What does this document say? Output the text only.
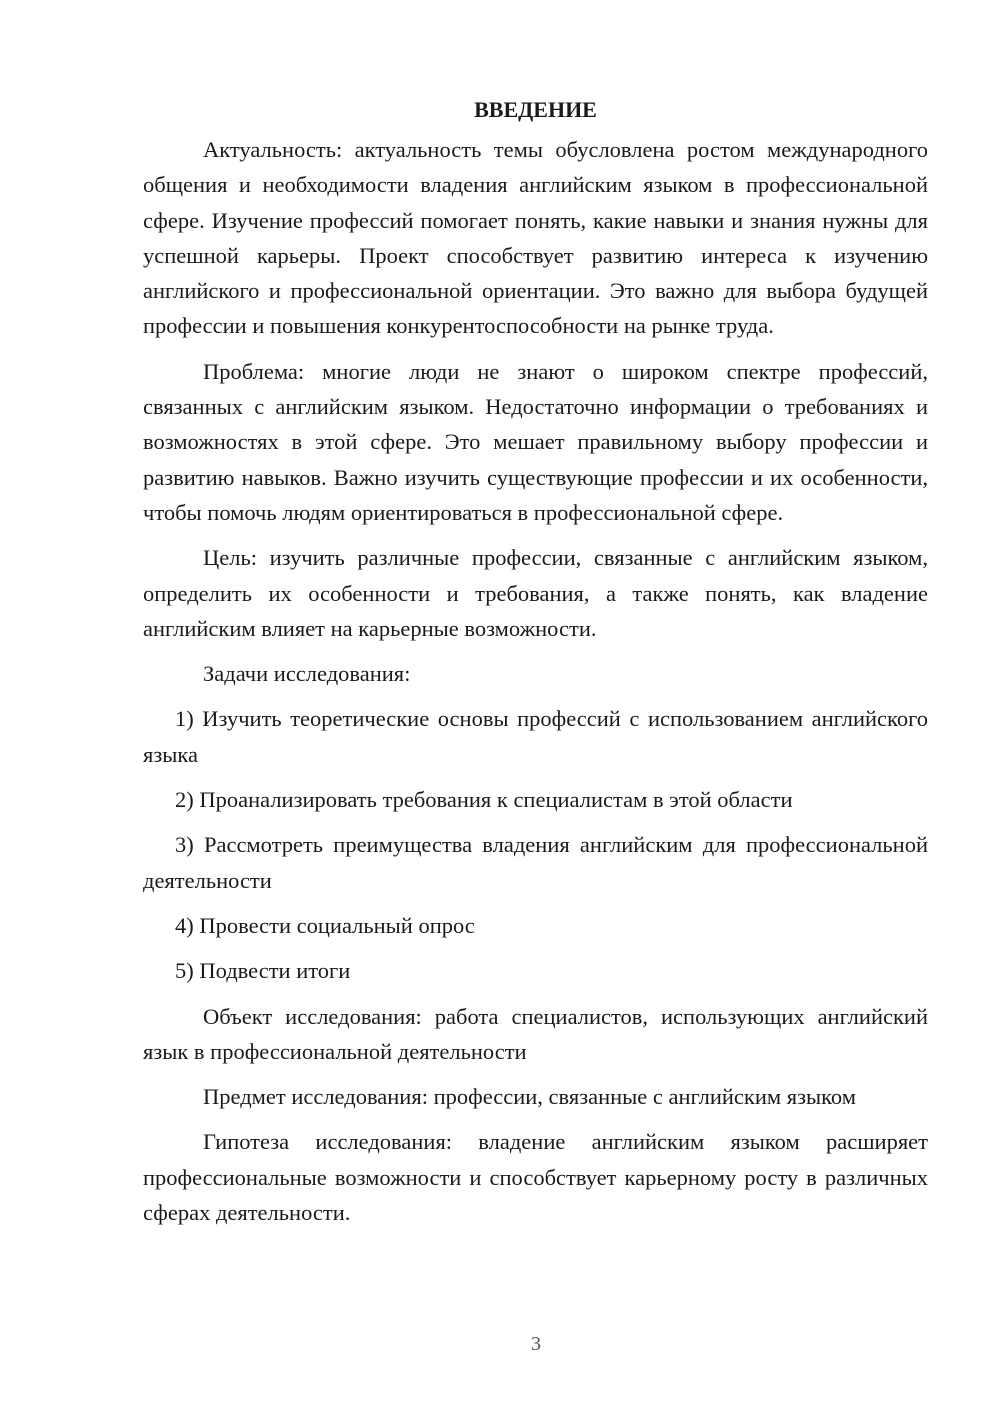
ВВЕДЕНИЕ

Актуальность: актуальность темы обусловлена ростом международного общения и необходимости владения английским языком в профессиональной сфере. Изучение профессий помогает понять, какие навыки и знания нужны для успешной карьеры. Проект способствует развитию интереса к изучению английского и профессиональной ориентации. Это важно для выбора будущей профессии и повышения конкурентоспособности на рынке труда.

Проблема: многие люди не знают о широком спектре профессий, связанных с английским языком. Недостаточно информации о требованиях и возможностях в этой сфере. Это мешает правильному выбору профессии и развитию навыков. Важно изучить существующие профессии и их особенности, чтобы помочь людям ориентироваться в профессиональной сфере.

Цель: изучить различные профессии, связанные с английским языком, определить их особенности и требования, а также понять, как владение английским влияет на карьерные возможности.

Задачи исследования:

1) Изучить теоретические основы профессий с использованием английского языка

2) Проанализировать требования к специалистам в этой области

3) Рассмотреть преимущества владения английским для профессиональной деятельности

4) Провести социальный опрос

5) Подвести итоги

Объект исследования: работа специалистов, использующих английский язык в профессиональной деятельности

Предмет исследования: профессии, связанные с английским языком

Гипотеза исследования: владение английским языком расширяет профессиональные возможности и способствует карьерному росту в различных сферах деятельности.

3
